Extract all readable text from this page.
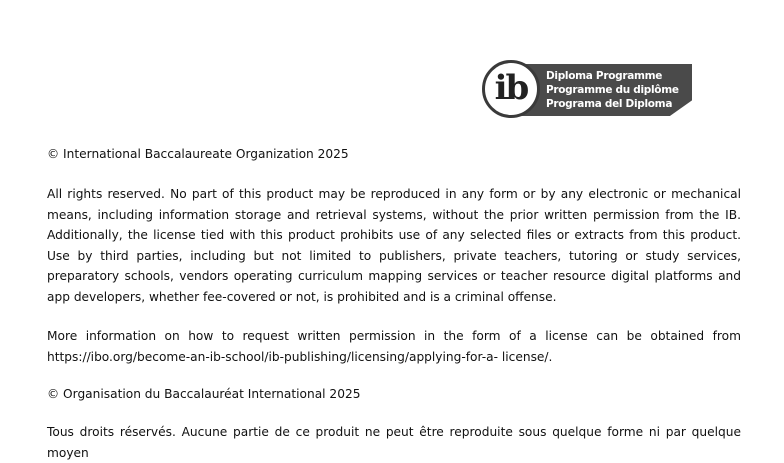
ib Diploma Programme
Programme du diplôme
Programa del Diploma

© International Baccalaureate Organization 2025

All rights reserved. No part of this product may be reproduced in any form or by any electronic or mechanical means, including information storage and retrieval systems, without the prior written permission from the IB. Additionally, the license tied with this product prohibits use of any selected files or extracts from this product. Use by third parties, including but not limited to publishers, private teachers, tutoring or study services, preparatory schools, vendors operating curriculum mapping services or teacher resource digital platforms and app developers, whether fee-covered or not, is prohibited and is a criminal offense.

More information on how to request written permission in the form of a license can be obtained from https://ibo.org/become-an-ib-school/ib-publishing/licensing/applying-for-a- license/.

© Organisation du Baccalauréat International 2025

Tous droits réservés. Aucune partie de ce produit ne peut être reproduite sous quelque forme ni par quelque moyen
